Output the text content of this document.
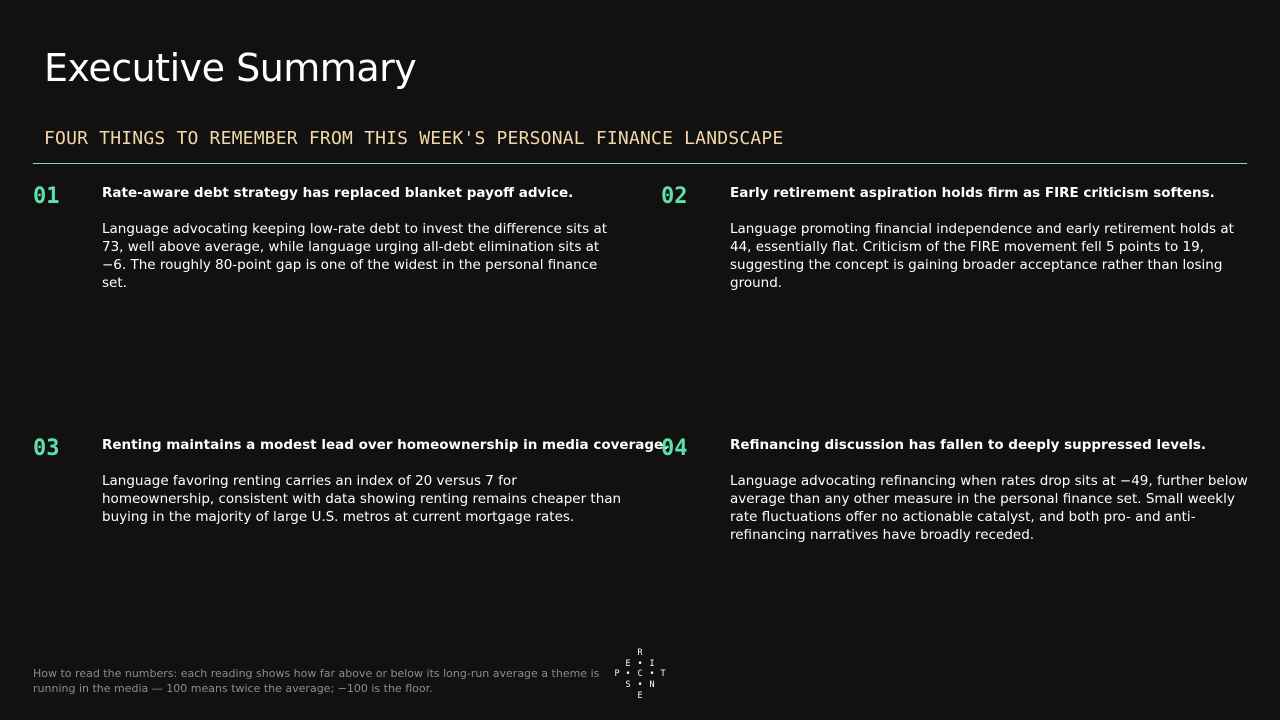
Executive Summary
FOUR THINGS TO REMEMBER FROM THIS WEEK'S PERSONAL FINANCE LANDSCAPE
01	Rate-aware debt strategy has replaced blanket payoff advice.
Language advocating keeping low-rate debt to invest the difference sits at 73, well above average, while language urging all-debt elimination sits at −6. The roughly 80-point gap is one of the widest in the personal finance set.
02	Early retirement aspiration holds firm as FIRE criticism softens.
Language promoting financial independence and early retirement holds at 44, essentially flat. Criticism of the FIRE movement fell 5 points to 19, suggesting the concept is gaining broader acceptance rather than losing ground.
03	Renting maintains a modest lead over homeownership in media coverage.
Language favoring renting carries an index of 20 versus 7 for homeownership, consistent with data showing renting remains cheaper than buying in the majority of large U.S. metros at current mortgage rates.
04	Refinancing discussion has fallen to deeply suppressed levels.
Language advocating refinancing when rates drop sits at −49, further below average than any other measure in the personal finance set. Small weekly rate fluctuations offer no actionable catalyst, and both pro- and anti-refinancing narratives have broadly receded.
How to read the numbers: each reading shows how far above or below its long-run average a theme is running in the media — 100 means twice the average; −100 is the floor.
R
E • I
P • C • T
S • N
E
